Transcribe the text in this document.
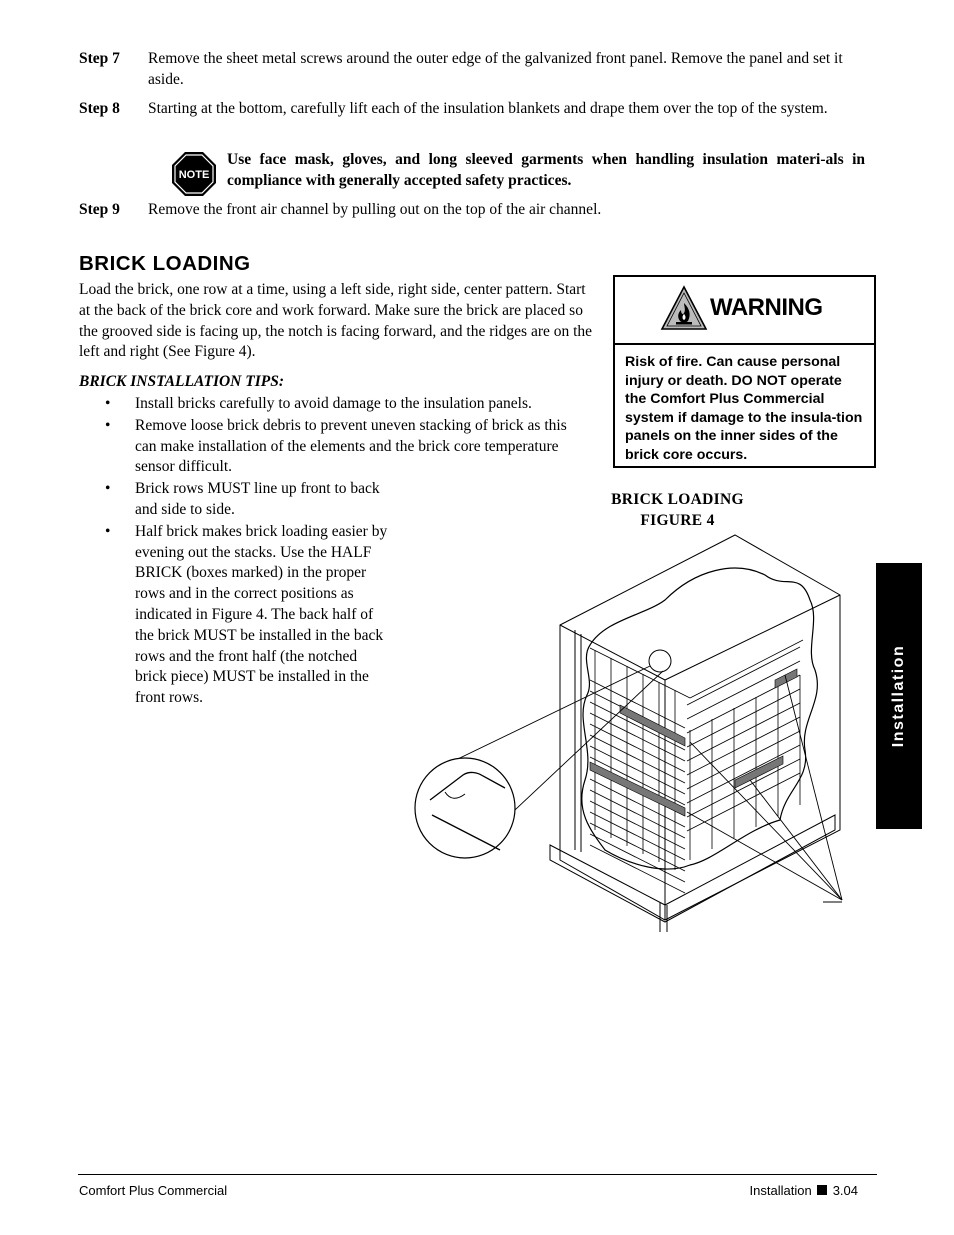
Step 7 Remove the sheet metal screws around the outer edge of the galvanized front panel. Remove the panel and set it aside.
Step 8 Starting at the bottom, carefully lift each of the insulation blankets and drape them over the top of the system.
NOTE
Use face mask, gloves, and long sleeved garments when handling insulation materi-als in compliance with generally accepted safety practices.
Step 9 Remove the front air channel by pulling out on the top of the air channel.
BRICK LOADING
Load the brick, one row at a time, using a left side, right side, center pattern. Start at the back of the brick core and work forward. Make sure the brick are placed so the grooved side is facing up, the notch is facing forward, and the ridges are on the left and right (See Figure 4).
BRICK INSTALLATION TIPS:
• Install bricks carefully to avoid damage to the insulation panels.
• Remove loose brick debris to prevent uneven stacking of brick as this can make installation of the elements and the brick core temperature sensor difficult.
• Brick rows MUST line up front to back and side to side.
• Half brick makes brick loading easier by evening out the stacks. Use the HALF BRICK (boxes marked) in the proper rows and in the correct positions as indicated in Figure 4. The back half of the brick MUST be installed in the back rows and the front half (the notched brick piece) MUST be installed in the front rows.
WARNING
Risk of fire. Can cause personal injury or death. DO NOT operate the Comfort Plus Commercial system if damage to the insula-tion panels on the inner sides of the brick core occurs.
BRICK LOADING
FIGURE 4
Installation
Comfort Plus Commercial	Installation 3.04
